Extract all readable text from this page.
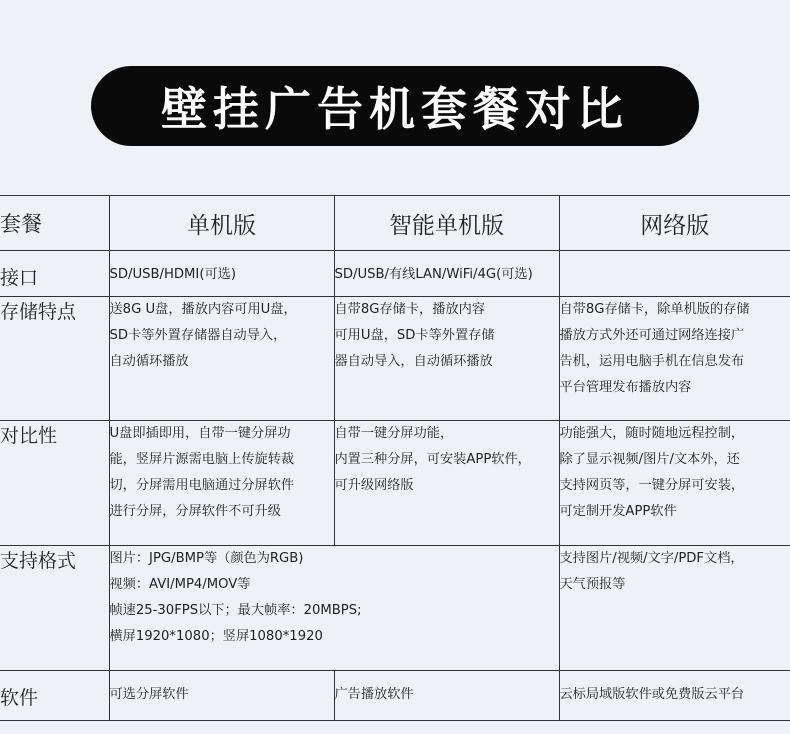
壁挂广告机套餐对比
套餐	单机版	智能单机版	网络版
接口	SD/USB/HDMI(可选)	SD/USB/有线LAN/WiFi/4G(可选)	
存储特点	送8G U盘，播放内容可用U盘，
SD卡等外置存储器自动导入，
自动循环播放	自带8G存储卡，播放内容
可用U盘，SD卡等外置存储
器自动导入，自动循环播放	自带8G存储卡，除单机版的存储
播放方式外还可通过网络连接广
告机，运用电脑手机在信息发布
平台管理发布播放内容
对比性	U盘即插即用，自带一键分屏功
能，竖屏片源需电脑上传旋转裁
切，分屏需用电脑通过分屏软件
进行分屏，分屏软件不可升级	自带一键分屏功能，
内置三种分屏，可安装APP软件，
可升级网络版	功能强大，随时随地远程控制，
除了显示视频/图片/文本外，还
支持网页等，一键分屏可安装，
可定制开发APP软件
支持格式	图片：JPG/BMP等（颜色为RGB)
视频：AVI/MP4/MOV等
帧速25-30FPS以下；最大帧率：20MBPS;
横屏1920*1080；竖屏1080*1920		支持图片/视频/文字/PDF文档，
天气预报等
软件	可选分屏软件	广告播放软件	云标局域版软件或免费版云平台
